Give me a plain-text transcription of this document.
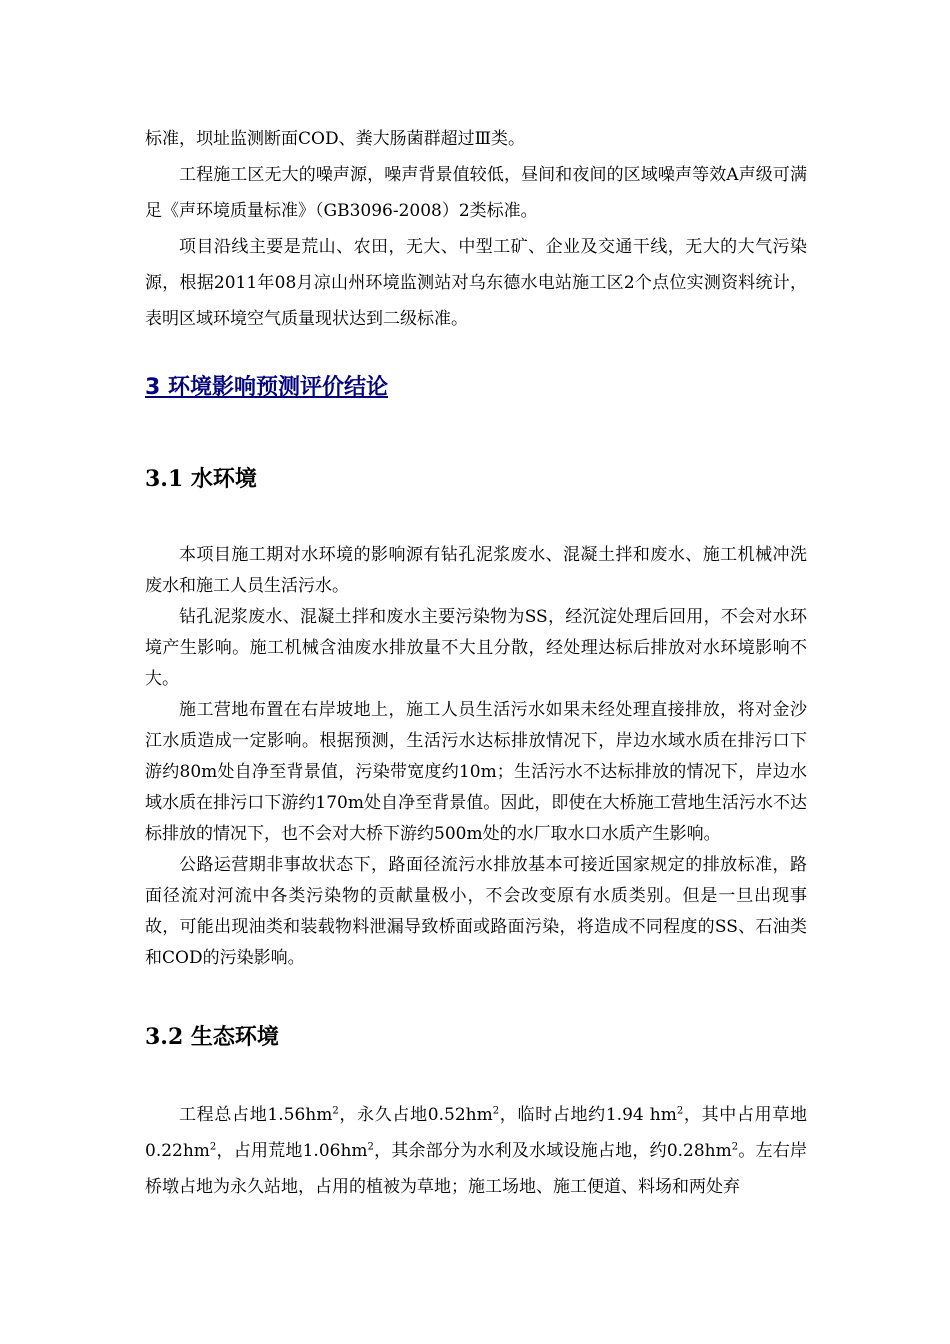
标准，坝址监测断面COD、粪大肠菌群超过Ⅲ类。

工程施工区无大的噪声源，噪声背景值较低，昼间和夜间的区域噪声等效A声级可满足《声环境质量标准》（GB3096-2008）2类标准。

项目沿线主要是荒山、农田，无大、中型工矿、企业及交通干线，无大的大气污染源，根据2011年08月凉山州环境监测站对乌东德水电站施工区2个点位实测资料统计，表明区域环境空气质量现状达到二级标准。

本项目施工期对水环境的影响源有钻孔泥浆废水、混凝土拌和废水、施工机械冲洗废水和施工人员生活污水。

钻孔泥浆废水、混凝土拌和废水主要污染物为SS，经沉淀处理后回用，不会对水环境产生影响。施工机械含油废水排放量不大且分散，经处理达标后排放对水环境影响不大。

施工营地布置在右岸坡地上，施工人员生活污水如果未经处理直接排放，将对金沙江水质造成一定影响。根据预测，生活污水达标排放情况下，岸边水域水质在排污口下游约80m处自净至背景值，污染带宽度约10m；生活污水不达标排放的情况下，岸边水域水质在排污口下游约170m处自净至背景值。因此，即使在大桥施工营地生活污水不达标排放的情况下，也不会对大桥下游约500m处的水厂取水口水质产生影响。

公路运营期非事故状态下，路面径流污水排放基本可接近国家规定的排放标准，路面径流对河流中各类污染物的贡献量极小，不会改变原有水质类别。但是一旦出现事故，可能出现油类和装载物料泄漏导致桥面或路面污染，将造成不同程度的SS、石油类和COD的污染影响。

工程总占地$1.56hm^2$，永久占地$0.52hm^2$，临时占地约1.94 $hm^2$，其中占用草地$0.22hm^2$，占用荒地$1.06hm^2$，其余部分为水利及水域设施占地，约$0.28hm^2$。左右岸桥墩占地为永久站地，占用的植被为草地；施工场地、施工便道、料场和两处弃

3 环境影响预测评价结论
3.1 水环境
3.2 生态环境
